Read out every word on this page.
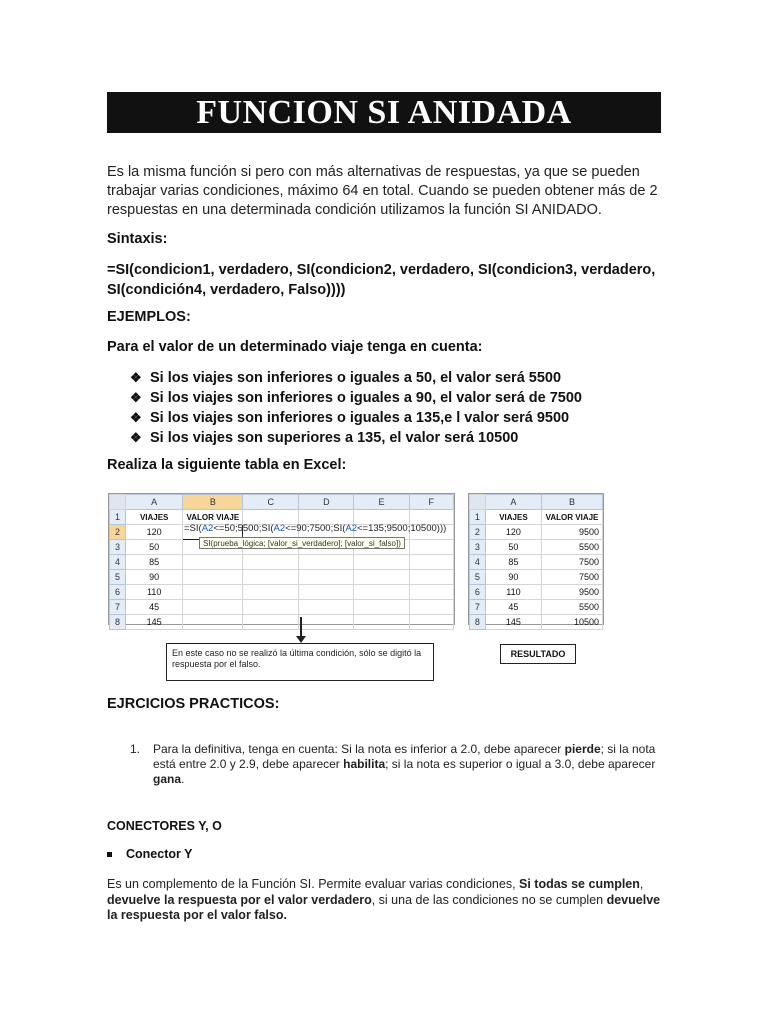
FUNCION SI ANIDADA
Es la misma función si pero con más alternativas de respuestas, ya que se pueden trabajar varias condiciones, máximo 64 en total. Cuando se pueden obtener más de 2 respuestas en una determinada condición utilizamos la función SI ANIDADO.
Sintaxis:
=SI(condicion1, verdadero, SI(condicion2, verdadero, SI(condicion3, verdadero, SI(condición4, verdadero, Falso))))
EJEMPLOS:
Para el valor de un determinado viaje tenga en cuenta:
❖ Si los viajes son inferiores o iguales a 50, el valor será 5500
❖ Si los viajes son inferiores o iguales a 90, el valor será de 7500
❖ Si los viajes son inferiores o iguales a 135,e l valor será 9500
❖ Si los viajes son superiores a 135, el valor será 10500
Realiza la siguiente tabla en Excel:
	A	B	C	D	E	F
1	VIAJES	VALOR VIAJE				
2	120					
3	50					
4	85					
5	90					
6	110					
7	45					
8	145					
=SI(A2<=50;5500;SI(A2<=90;7500;SI(A2<=135;9500;10500)))
SI(prueba_lógica; [valor_si_verdadero]; [valor_si_falso])
	A	B
1	VIAJES	VALOR VIAJE
2	120	9500
3	50	5500
4	85	7500
5	90	7500
6	110	9500
7	45	5500
8	145	10500
En este caso no se realizó la última condición, sólo se digitó la respuesta por el falso.
RESULTADO
EJRCICIOS PRACTICOS:
1.	Para la definitiva, tenga en cuenta: Si la nota es inferior a 2.0, debe aparecer pierde; si la nota está entre 2.0 y 2.9, debe aparecer habilita; si la nota es superior o igual a 3.0, debe aparecer gana.
CONECTORES Y, O
Conector Y
Es un complemento de la Función SI. Permite evaluar varias condiciones, Si todas se cumplen, devuelve la respuesta por el valor verdadero, si una de las condiciones no se cumplen devuelve la respuesta por el valor falso.
